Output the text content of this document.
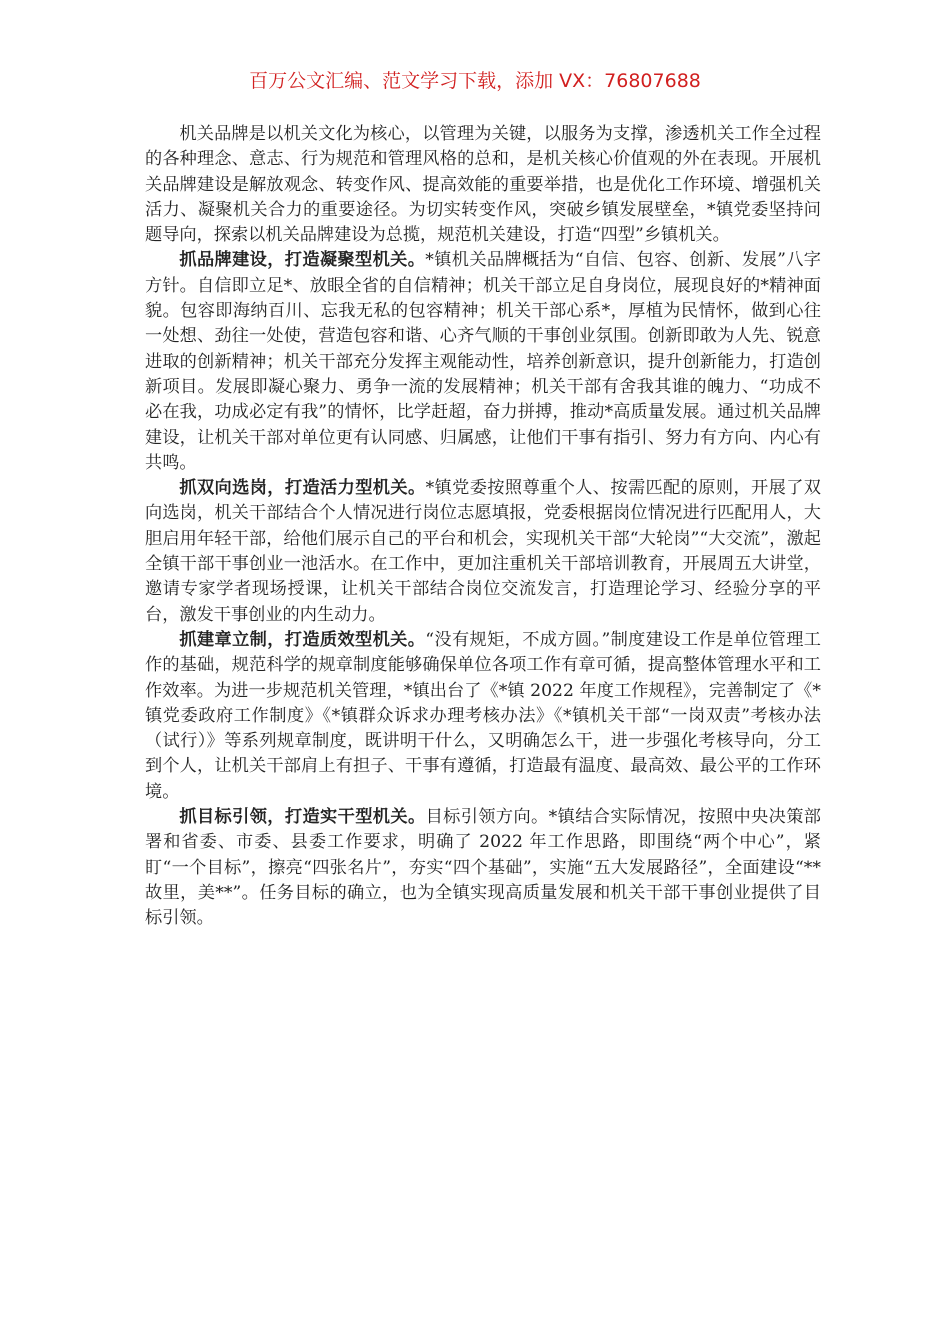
百万公文汇编、范文学习下载，添加 VX：76807688

机关品牌是以机关文化为核心，以管理为关键，以服务为支撑，渗透机关工作全过程的各种理念、意志、行为规范和管理风格的总和，是机关核心价值观的外在表现。开展机关品牌建设是解放观念、转变作风、提高效能的重要举措，也是优化工作环境、增强机关活力、凝聚机关合力的重要途径。为切实转变作风，突破乡镇发展壁垒，*镇党委坚持问题导向，探索以机关品牌建设为总揽，规范机关建设，打造“四型”乡镇机关。

抓品牌建设，打造凝聚型机关。*镇机关品牌概括为“自信、包容、创新、发展”八字方针。自信即立足*、放眼全省的自信精神；机关干部立足自身岗位，展现良好的*精神面貌。包容即海纳百川、忘我无私的包容精神；机关干部心系*，厚植为民情怀，做到心往一处想、劲往一处使，营造包容和谐、心齐气顺的干事创业氛围。创新即敢为人先、锐意进取的创新精神；机关干部充分发挥主观能动性，培养创新意识，提升创新能力，打造创新项目。发展即凝心聚力、勇争一流的发展精神；机关干部有舍我其谁的魄力、“功成不必在我，功成必定有我”的情怀，比学赶超，奋力拼搏，推动*高质量发展。通过机关品牌建设，让机关干部对单位更有认同感、归属感，让他们干事有指引、努力有方向、内心有共鸣。

抓双向选岗，打造活力型机关。*镇党委按照尊重个人、按需匹配的原则，开展了双向选岗，机关干部结合个人情况进行岗位志愿填报，党委根据岗位情况进行匹配用人，大胆启用年轻干部，给他们展示自己的平台和机会，实现机关干部“大轮岗”“大交流”，激起全镇干部干事创业一池活水。在工作中，更加注重机关干部培训教育，开展周五大讲堂，邀请专家学者现场授课，让机关干部结合岗位交流发言，打造理论学习、经验分享的平台，激发干事创业的内生动力。

抓建章立制，打造质效型机关。“没有规矩，不成方圆。”制度建设工作是单位管理工作的基础，规范科学的规章制度能够确保单位各项工作有章可循，提高整体管理水平和工作效率。为进一步规范机关管理，*镇出台了《*镇 2022 年度工作规程》，完善制定了《*镇党委政府工作制度》《*镇群众诉求办理考核办法》《*镇机关干部“一岗双责”考核办法（试行）》等系列规章制度，既讲明干什么，又明确怎么干，进一步强化考核导向，分工到个人，让机关干部肩上有担子、干事有遵循，打造最有温度、最高效、最公平的工作环境。

抓目标引领，打造实干型机关。目标引领方向。*镇结合实际情况，按照中央决策部署和省委、市委、县委工作要求，明确了 2022 年工作思路，即围绕“两个中心”，紧盯“一个目标”，擦亮“四张名片”，夯实“四个基础”，实施“五大发展路径”，全面建设“**故里，美**”。任务目标的确立，也为全镇实现高质量发展和机关干部干事创业提供了目标引领。
